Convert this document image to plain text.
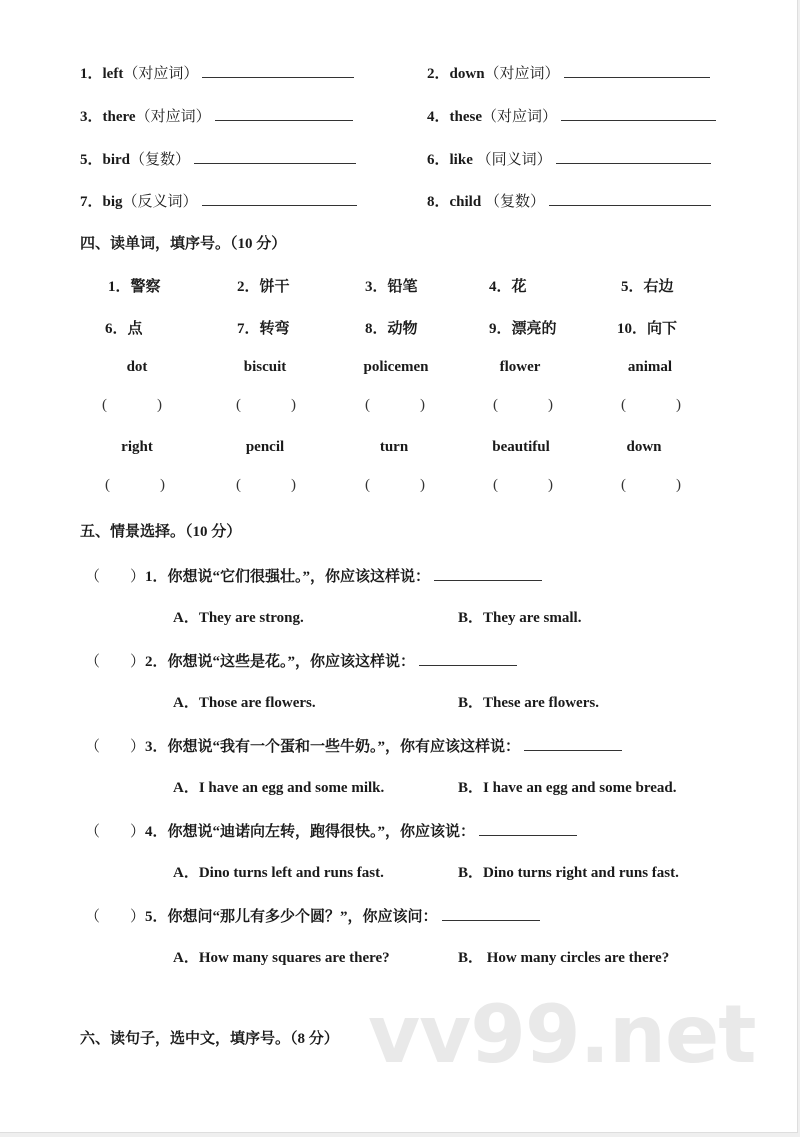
1．left（对应词）	2．down（对应词）
3．there（对应词）	4．these（对应词）
5．bird（复数）	6．like （同义词）
7．big（反义词）	8．child （复数）
四、读单词，填序号。（10 分）
1．警察	2．饼干	3．铅笔	4．花	5．右边
6．点	7．转弯	8．动物	9．漂亮的	10．向下
dot	biscuit	policemen	flower	animal
(	)	(	)	(	)	(	)	(	)
right	pencil	turn	beautiful	down
(	)	(	)	(	)	(	)	(	)
五、情景选择。（10 分）
（　　）1．你想说“它们很强壮。”，你应该这样说：
A．They are strong.	B．They are small.
（　　）2．你想说“这些是花。”，你应该这样说：
A．Those are flowers.	B．These are flowers.
（　　）3．你想说“我有一个蛋和一些牛奶。”，你有应该这样说：
A．I have an egg and some milk.	B．I have an egg and some bread.
（　　）4．你想说“迪诺向左转，跑得很快。”，你应该说：
A．Dino turns left and runs fast.	B．Dino turns right and runs fast.
（　　）5．你想问“那儿有多少个圆？”，你应该问：
A．How many squares are there?	B． How many circles are there?
vv99.net
六、读句子，选中文，填序号。（8 分）
